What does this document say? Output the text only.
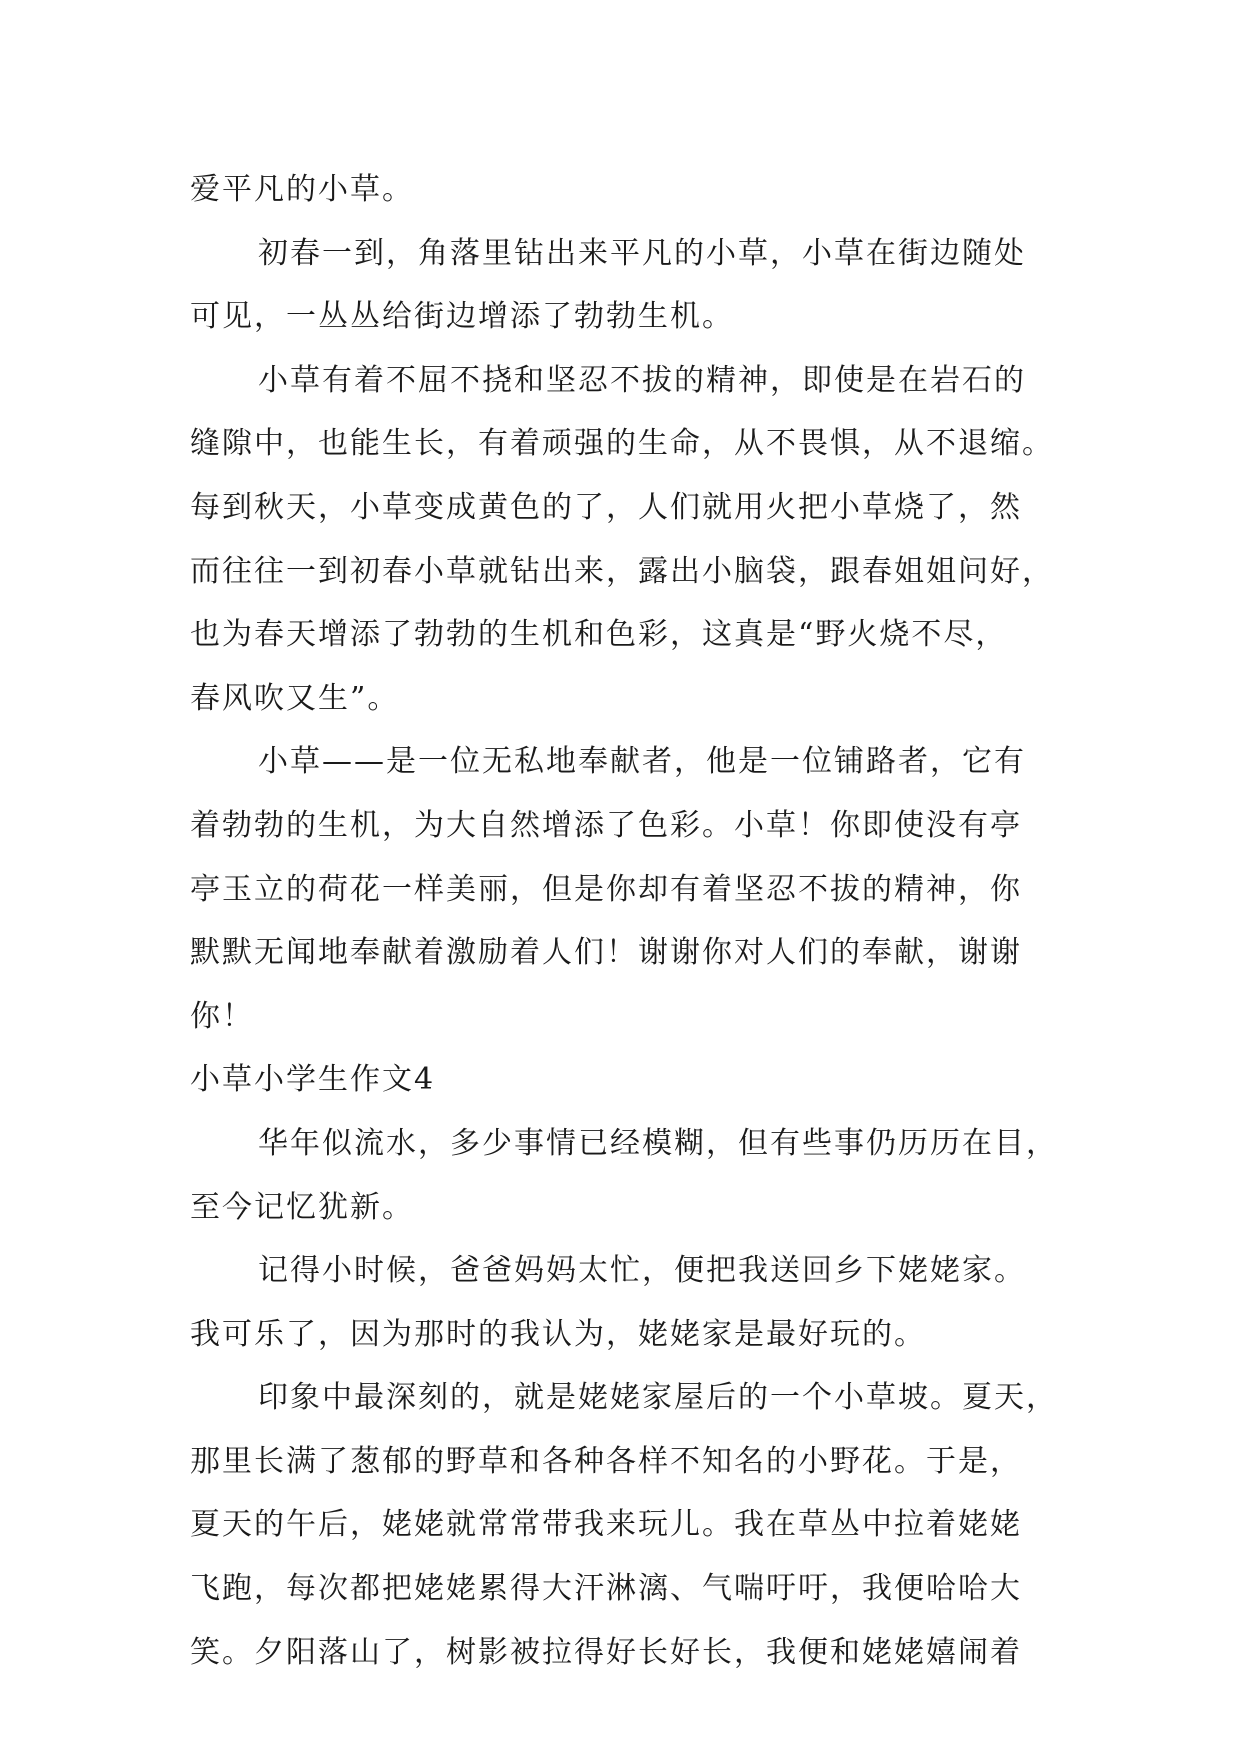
爱平凡的小草。
初春一到，角落里钻出来平凡的小草，小草在街边随处
可见，一丛丛给街边增添了勃勃生机。
小草有着不屈不挠和坚忍不拔的精神，即使是在岩石的
缝隙中，也能生长，有着顽强的生命，从不畏惧，从不退缩。
每到秋天，小草变成黄色的了，人们就用火把小草烧了，然
而往往一到初春小草就钻出来，露出小脑袋，跟春姐姐问好，
也为春天增添了勃勃的生机和色彩，这真是“野火烧不尽，
春风吹又生”。
小草——是一位无私地奉献者，他是一位铺路者，它有
着勃勃的生机，为大自然增添了色彩。小草！你即使没有亭
亭玉立的荷花一样美丽，但是你却有着坚忍不拔的精神，你
默默无闻地奉献着激励着人们！谢谢你对人们的奉献，谢谢
你！
小草小学生作文4
华年似流水，多少事情已经模糊，但有些事仍历历在目，
至今记忆犹新。
记得小时候，爸爸妈妈太忙，便把我送回乡下姥姥家。
我可乐了，因为那时的我认为，姥姥家是最好玩的。
印象中最深刻的，就是姥姥家屋后的一个小草坡。夏天，
那里长满了葱郁的野草和各种各样不知名的小野花。于是，
夏天的午后，姥姥就常常带我来玩儿。我在草丛中拉着姥姥
飞跑，每次都把姥姥累得大汗淋漓、气喘吁吁，我便哈哈大
笑。夕阳落山了，树影被拉得好长好长，我便和姥姥嬉闹着
